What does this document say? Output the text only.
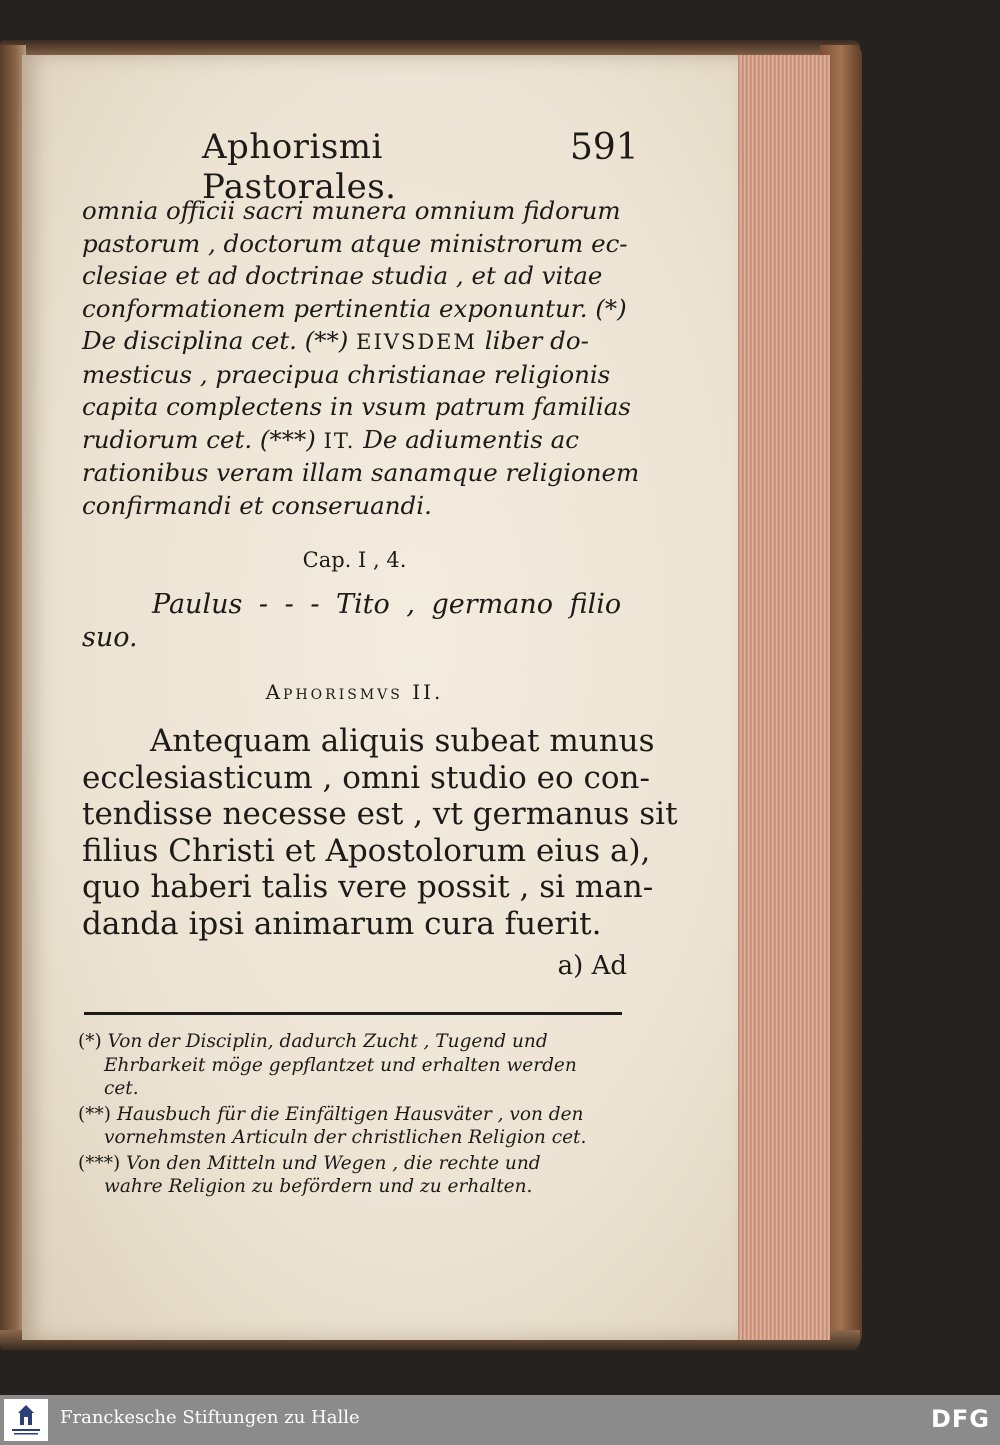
Aphorismi Pastorales.
591
omnia officii sacri munera omnium fidorum
pastorum , doctorum atque ministrorum ec-
clesiae et ad doctrinae studia , et ad vitae
conformationem pertinentia exponuntur. (*)
De disciplina cet. (**) EIVSDEM liber do-
mesticus , praecipua christianae religionis
capita complectens in vsum patrum familias
rudiorum cet. (***) IT. De adiumentis ac
rationibus veram illam sanamque religionem
confirmandi et conseruandi.
Cap. I , 4.
Paulus - - - Tito , germano filio
suo.
Aphorismvs II.
Antequam aliquis subeat munus
ecclesiasticum , omni studio eo con-
tendisse necesse est , vt germanus sit
filius Christi et Apostolorum eius a),
quo haberi talis vere possit , si man-
danda ipsi animarum cura fuerit.
a) Ad
(*) Von der Disciplin, dadurch Zucht , Tugend und
Ehrbarkeit möge gepflantzet und erhalten werden
cet.
(**) Hausbuch für die Einfältigen Hausväter , von den
vornehmsten Articuln der christlichen Religion cet.
(***) Von den Mitteln und Wegen , die rechte und
wahre Religion zu befördern und zu erhalten.
Franckesche Stiftungen zu Halle	DFG
